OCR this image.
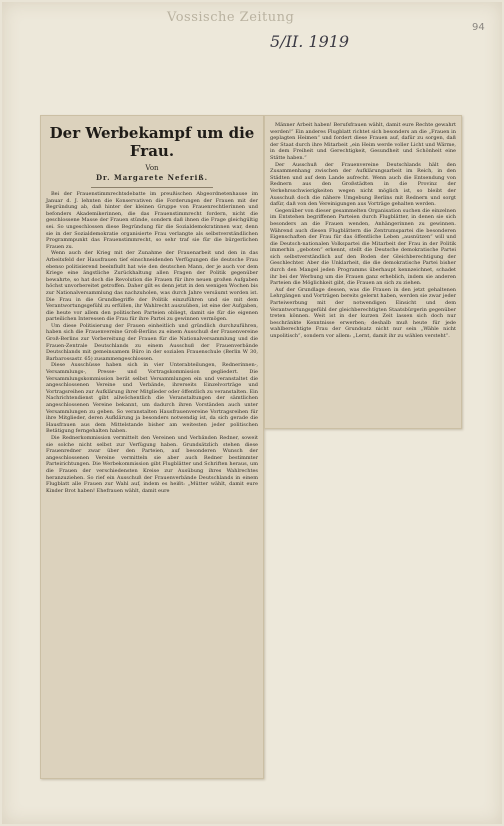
Vossische Zeitung
5/II. 1919
94
Der Werbekampf um die Frau.
Von
Dr. Margarete Neferiß.

Bei der Frauenstimmrechtsdebatte im preußischen Abgeordnetenhause im Januar d. J. lehnten die Konservativen die Forderungen der Frauen mit der Begründung ab, daß hinter der kleinen Gruppe von Frauenrechtlerinnen und befonders Akademikerinnen, die das Frauenstimmrecht fordern, nicht die geschlossene Masse der Frauen stünde, sondern daß ihnen die Frage gleichgültig sei. So ungeschlossen diese Begründung für die Sozialdemokratinnen war, denn sie in der Sozialdemokratie organisierte Frau verlangte als selbstverständlichen Programmpunkt das Frauenstimmrecht, so sehr traf sie für die bürgerlichen Frauen zu.

Wenn auch der Krieg mit der Zunahme der Frauenarbeit und den in das Arbeitsfeld der Hausfrauen tief einschneidenden Verfügungen die deutsche Frau ebenso politisierend beeinflußt hat wie den deutschen Mann, der je auch vor dem Kriege eine ängstliche Zurückhaltung allen Fragen der Politik gegenüber bewahrte, so hat doch die Revolution die Frauen für ihre neuen großen Aufgaben höchst unvorbereitet getroffen. Daher gilt es denn jetzt in den wenigen Wochen bis zur Nationalversammlung das nachzuholen, was durch Jahre versäumt worden ist. Die Frau in die Grundbegriffe der Politik einzuführen und sie mit dem Verantwortungsgefühl zu erfüllen, ihr Wahlrecht auszuüben, ist eine der Aufgaben, die heute vor allem den politischen Parteien obliegt, damit sie für die eigenen parteilichen Interessen die Frau für ihre Partei zu gewinnen vermögen.

Um diese Politisierung der Frauen einheitlich und gründlich durchzuführen, haben sich die Frauenvereine Groß-Berlins zu einem Ausschuß der Frauenvereine Groß-Berlins zur Vorbereitung der Frauen für die Nationalversammlung und die Frauen-Zentrale Deutschlands zu einem Ausschuß der Frauenverbände Deutschlands mit gemeinsamem Büro in der sozialen Frauenschule (Berlin W 30, Barbarossastr. 65) zusammengeschlossen.

Diese Ausschüsse haben sich in vier Unterabteilungen, Rednerinnen-, Versammlungs-, Presse- und Vortragskommission gegliedert. Die Versammlungskommission berät selbst Versammlungen ein und veranstaltet die angeschlossenen Vereine und Verbände, ihrerseits Einzelvorträge und Vortragsreihen zur Aufklärung ihrer Mitglieder oder öffentlich zu veranstalten. Ein Nachrichtendienst gibt allwöchentlich die Veranstaltungen der sämtlichen angeschlossenen Vereine bekannt, um dadurch ihren Vorständen auch unter Versammlungen zu geben. So veranstalten Hausfrauenvereine Vortragsreihen für ihre Mitglieder, deren Aufklärung ja besonders notwendig ist, da sich gerade die Hausfrauen aus dem Mittelstande bisher am weitesten jeder politischen Betätigung ferngehalten haben.

Die Rednerkommission vermittelt den Vereinen und Verbänden Redner, soweit sie solche nicht selbst zur Verfügung haben. Grundsätzlich stehen diese Frauenredner zwar über den Parteien, auf besonderen Wunsch der angeschlossenen Vereine vermitteln sie aber auch Redner bestimmter Parteirichtungen. Die Werbekommission gibt Flugblätter und Schriften heraus, um die Frauen der verschiedensten Kreise zur Ausübung ihres Wahlrechtes heranzuziehen. So rief ein Ausschuß der Frauenverbände Deutschlands in einem Flugblatt alle Frauen zur Wahl auf, indem es heißt: „Mütter wählt, damit eure Kinder Brot haben! Ehefrauen wählt, damit eure

Männer Arbeit haben! Berufsfrauen wählt, damit eure Rechte gewahrt werden!“ Ein anderes Flugblatt richtet sich besonders an die „Frauen in geplagten Heimen“ und fordert diese Frauen auf, dafür zu sorgen, daß der Staat durch ihre Mitarbeit „ein Heim werde voller Licht und Wärme, in dem Freiheit und Gerechtigkeit, Gesundheit und Schönheit eine Stätte haben.“

Der Ausschuß der Frauenvereine Deutschlands hält den Zusammenhang zwischen der Aufklärungsarbeit im Reich, in den Städten und auf dem Lande aufrecht. Wenn auch die Entsendung von Rednern aus den Großstädten in die Provinz der Verkehrsschwierigkeiten wegen nicht möglich ist, so bleibt der Ausschuß doch die nähere Umgebung Berlins mit Rednern und sorgt dafür, daß von den Vereinigungen aus Vorträge gehalten werden.

Gegenüber von dieser gesammelten Organisation suchen die einzelnen im Entstehen begriffenen Parteien durch Flugblätter, in denen sie sich besonders an die Frauen wenden, Anhängerinnen zu gewinnen. Während auch diesen Flugblättern die Zentrumspartei die besonderen Eigenschaften der Frau für das öffentliche Leben „ausnützen“ will und die Deutsch-nationalen Volkspartei die Mitarbeit der Frau in der Politik immerhin „geboten“ erkennt, stellt die Deutsche demokratische Partei sich selbstverständlich auf den Boden der Gleichberechtigung der Geschlechter. Aber die Unklarheit, die die demokratische Partei bisher durch den Mangel jeden Programms überhaupt kennzeichnet, schadet ihr bei der Werbung um die Frauen ganz erheblich, indem sie anderen Parteien die Möglichkeit gibt, die Frauen an sich zu ziehen.

Auf der Grundlage dessen, was die Frauen in den jetzt gehaltenen Lehrgängen und Vorträgen bereits gelernt haben, werden sie zwar jeder Parteiwerbung mit der notwendigen Einsicht und dem Verantwortungsgefühl der gleichberechtigten Staatsbürgerin gegenüber treten können. Weit ist in der kurzen Zeit lassen sich doch nur beschränkte Kenntnisse erwerben; deshalb muß heute für jede wahlberechtigte Frau der Grundsatz nicht nur sein „Wähle nicht unpolitisch“, sondern vor allem: „Lernt, damit ihr zu wählen versteht“.
